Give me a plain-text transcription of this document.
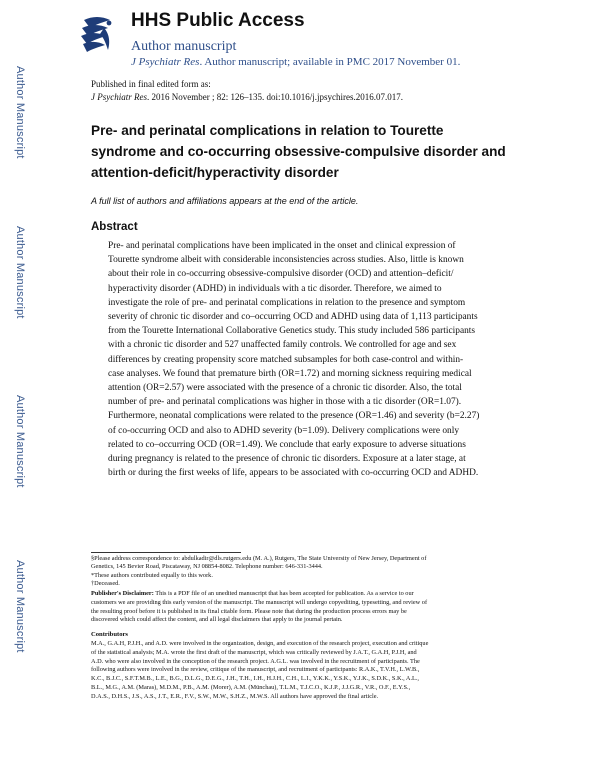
Author Manuscript
Author Manuscript
Author Manuscript
Author Manuscript
HHS Public Access
Author manuscript
J Psychiatr Res. Author manuscript; available in PMC 2017 November 01.
Published in final edited form as:
J Psychiatr Res. 2016 November ; 82: 126–135. doi:10.1016/j.jpsychires.2016.07.017.
Pre- and perinatal complications in relation to Tourette
syndrome and co-occurring obsessive-compulsive disorder and
attention-deficit/hyperactivity disorder
A full list of authors and affiliations appears at the end of the article.
Abstract
Pre- and perinatal complications have been implicated in the onset and clinical expression of
Tourette syndrome albeit with considerable inconsistencies across studies. Also, little is known
about their role in co-occurring obsessive-compulsive disorder (OCD) and attention–deficit/
hyperactivity disorder (ADHD) in individuals with a tic disorder. Therefore, we aimed to
investigate the role of pre- and perinatal complications in relation to the presence and symptom
severity of chronic tic disorder and co–occurring OCD and ADHD using data of 1,113 participants
from the Tourette International Collaborative Genetics study. This study included 586 participants
with a chronic tic disorder and 527 unaffected family controls. We controlled for age and sex
differences by creating propensity score matched subsamples for both case-control and within-
case analyses. We found that premature birth (OR=1.72) and morning sickness requiring medical
attention (OR=2.57) were associated with the presence of a chronic tic disorder. Also, the total
number of pre- and perinatal complications was higher in those with a tic disorder (OR=1.07).
Furthermore, neonatal complications were related to the presence (OR=1.46) and severity (b=2.27)
of co-occurring OCD and also to ADHD severity (b=1.09). Delivery complications were only
related to co–occurring OCD (OR=1.49). We conclude that early exposure to adverse situations
during pregnancy is related to the presence of chronic tic disorders. Exposure at a later stage, at
birth or during the first weeks of life, appears to be associated with co-occurring OCD and ADHD.
§Please address correspondence to: abdulkadir@dls.rutgers.edu (M. A.), Rutgers, The State University of New Jersey, Department of
Genetics, 145 Bevier Road, Piscataway, NJ 08854-8082. Telephone number: 646-331-3444.
*These authors contributed equally to this work.
†Deceased.
Publisher's Disclaimer: This is a PDF file of an unedited manuscript that has been accepted for publication. As a service to our
customers we are providing this early version of the manuscript. The manuscript will undergo copyediting, typesetting, and review of
the resulting proof before it is published in its final citable form. Please note that during the production process errors may be
discovered which could affect the content, and all legal disclaimers that apply to the journal pertain.
Contributors
M.A., G.A.H, P.J.H., and A.D. were involved in the organization, design, and execution of the research project, execution and critique
of the statistical analysis; M.A. wrote the first draft of the manuscript, which was critically reviewed by J.A.T., G.A.H, P.J.H, and
A.D. who were also involved in the conception of the research project. A.G.L. was involved in the recruitment of participants. The
following authors were involved in the review, critique of the manuscript, and recruitment of participants: R.A.K., T.V.H., L.W.B.,
K.C., B.J.C., S.F.T.M.B., L.E., B.G., D.L.G., D.E.G., J.H., T.H., I.H., H.J.H., C.H., L.I., Y.K.K., Y.S.K., Y.J.K., S.D.K., S.K., A.L.,
B.L., M.G., A.M. (Maras), M.D.M., P.B., A.M. (Morer), A.M. (Münchau), T.L.M., T.J.C.O., K.J.P., J.J.G.R., V.R., O.F., E.Y.S.,
D.A.S., D.H.S., J.S., A.S., J.T., E.R., F.V., S.W., M.W., S.H.Z., M.W.S. All authors have approved the final article.
